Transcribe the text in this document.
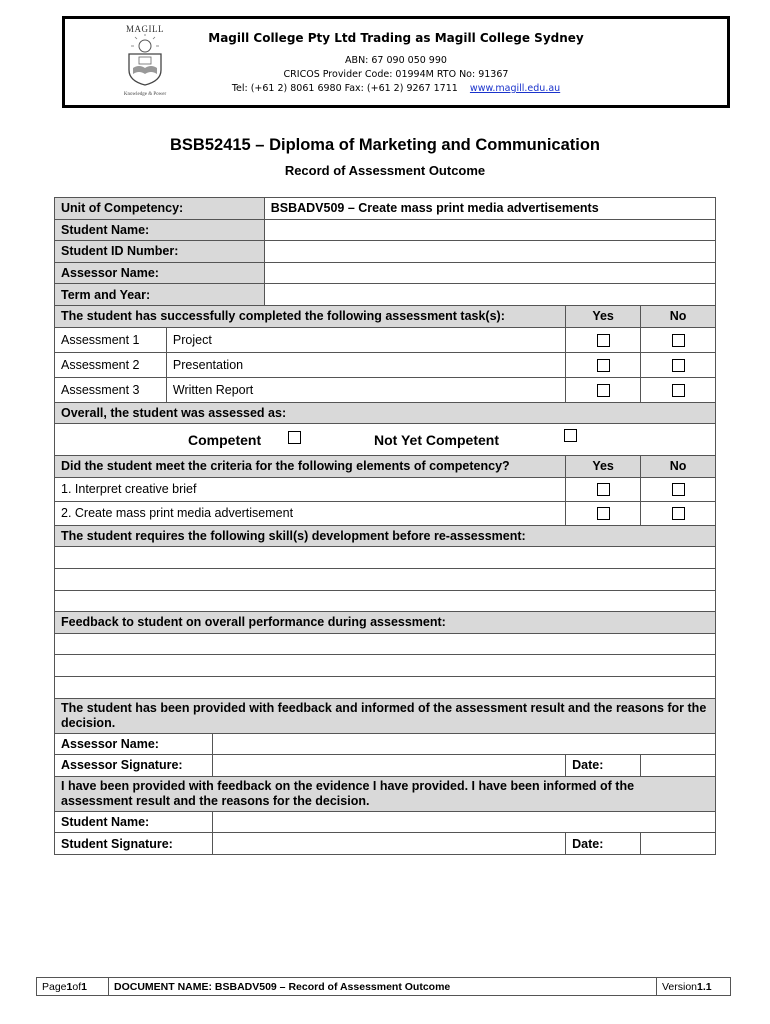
MAGILL
Knowledge & Power
Magill College Pty Ltd Trading as Magill College Sydney
ABN: 67 090 050 990
CRICOS Provider Code: 01994M RTO No: 91367
Tel: (+61 2) 8061 6980 Fax: (+61 2) 9267 1711 www.magill.edu.au
BSB52415 – Diploma of Marketing and Communication
Record of Assessment Outcome
Unit of Competency:			BSBADV509 – Create mass print media advertisements		
Student Name:					
Student ID Number:					
Assessor Name:					
Term and Year:					
The student has successfully completed the following assessment task(s):				Yes	No
Assessment 1	Project				
Assessment 2	Presentation				
Assessment 3	Written Report				
Overall, the student was assessed as:					

Competent Not Yet Competent					

Did the student meet the criteria for the following elements of competency?				Yes	No
1. Interpret creative brief					
2. Create mass print media advertisement					
The student requires the following skill(s) development before re-assessment:					

Feedback to student on overall performance during assessment:					

The student has been provided with feedback and informed of the assessment result and the reasons for the decision.					
Assessor Name:					
Assessor Signature:				Date:	
I have been provided with feedback on the evidence I have provided. I have been informed of the assessment result and the reasons for the decision.					
Student Name:					
Student Signature:				Date:	
Page 1 of 1	DOCUMENT NAME: BSBADV509 – Record of Assessment Outcome	Version 1.1
